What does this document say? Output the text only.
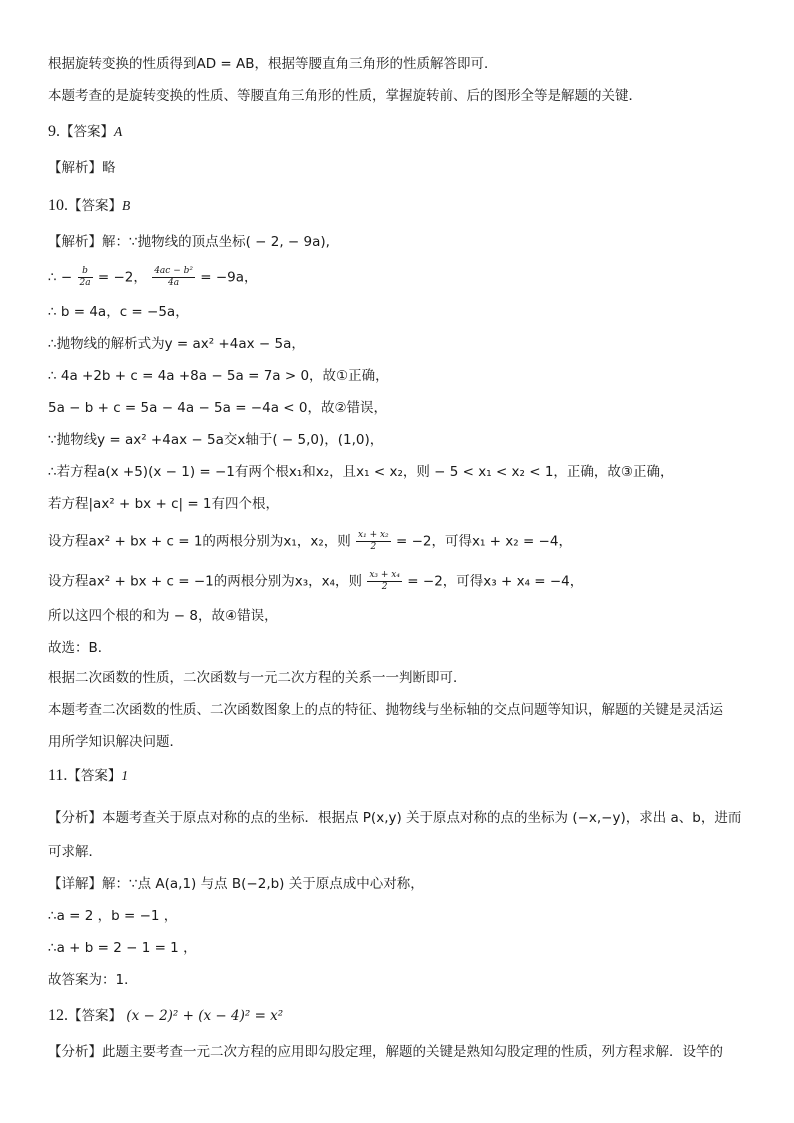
根据旋转变换的性质得到AD = AB，根据等腰直角三角形的性质解答即可．
本题考查的是旋转变换的性质、等腰直角三角形的性质，掌握旋转前、后的图形全等是解题的关键．
9.【答案】A
【解析】略
10.【答案】B
【解析】解：∵抛物线的顶点坐标( − 2, − 9a),
∴ − $\frac{b}{2a} = -2$， $\frac{\text{4ac − b²}}{4a} = -9a$，
∴ b = 4a，c = −5a，
∴抛物线的解析式为y = ax² +4ax − 5a，
∴ 4a +2b + c = 4a +8a − 5a = 7a > 0，故①正确，
5a − b + c = 5a − 4a − 5a = −4a < 0，故②错误，
∵抛物线y = ax² +4ax − 5a交x轴于( − 5,0)，(1,0)，
∴若方程a(x +5)(x − 1) = −1有两个根x₁和x₂，且x₁ < x₂，则 − 5 < x₁ < x₂ < 1，正确，故③正确，
若方程|ax² + bx + c| = 1有四个根，
设方程ax² + bx + c = 1的两根分别为x₁，x₂，则 $\frac{\text{x₁ + x₂}}{2} = -2$，可得x₁ + x₂ = −4，
设方程ax² + bx + c = −1的两根分别为x₃，x₄，则 $\frac{\text{x₃ + x₄}}{2} = -2$，可得x₃ + x₄ = −4，
所以这四个根的和为 − 8，故④错误，
故选：B．
根据二次函数的性质，二次函数与一元二次方程的关系一一判断即可．
本题考查二次函数的性质、二次函数图象上的点的特征、抛物线与坐标轴的交点问题等知识，解题的关键是灵活运
用所学知识解决问题．
11.【答案】1
【分析】本题考查关于原点对称的点的坐标．根据点 P(x,y) 关于原点对称的点的坐标为 (−x,−y)，求出 a、b，进而
可求解．
【详解】解：∵点 A(a,1) 与点 B(−2,b) 关于原点成中心对称，
∴a = 2 ，b = −1 ，
∴a + b = 2 − 1 = 1 ，
故答案为：1．
12.【答案】 (x − 2)² + (x − 4)² = x²
【分析】此题主要考查一元二次方程的应用即勾股定理，解题的关键是熟知勾股定理的性质，列方程求解．设竿的
